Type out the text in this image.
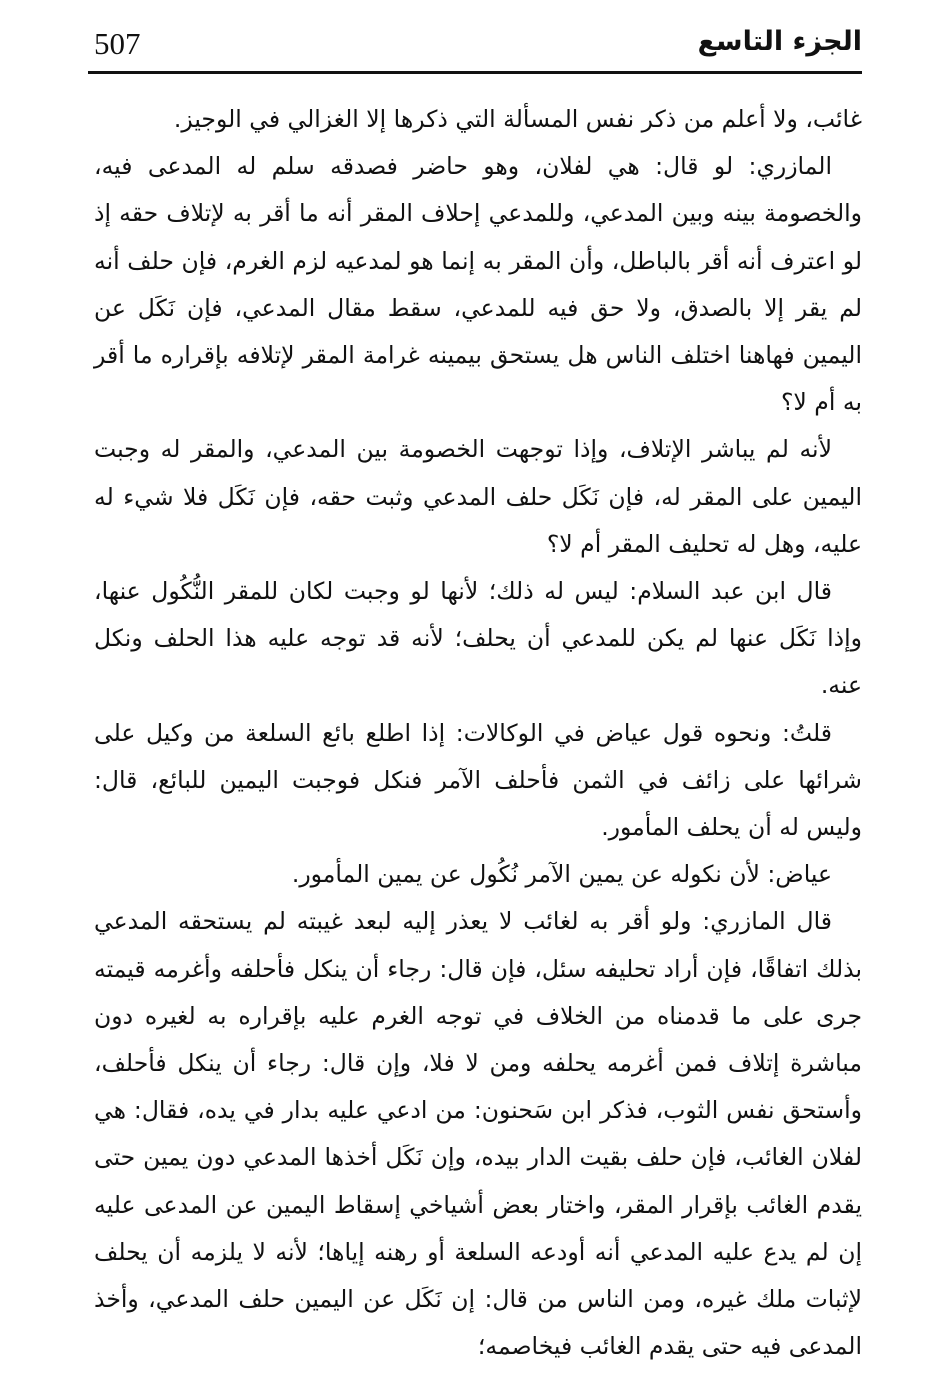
507	الجزء التاسع

غائب، ولا أعلم من ذكر نفس المسألة التي ذكرها إلا الغزالي في الوجيز.

المازري: لو قال: هي لفلان، وهو حاضر فصدقه سلم له المدعى فيه، والخصومة بينه وبين المدعي، وللمدعي إحلاف المقر أنه ما أقر به لإتلاف حقه إذ لو اعترف أنه أقر بالباطل، وأن المقر به إنما هو لمدعيه لزم الغرم، فإن حلف أنه لم يقر إلا بالصدق، ولا حق فيه للمدعي، سقط مقال المدعي، فإن نَكَل عن اليمين فهاهنا اختلف الناس هل يستحق بيمينه غرامة المقر لإتلافه بإقراره ما أقر به أم لا؟

لأنه لم يباشر الإتلاف، وإذا توجهت الخصومة بين المدعي، والمقر له وجبت اليمين على المقر له، فإن نَكَل حلف المدعي وثبت حقه، فإن نَكَل فلا شيء له عليه، وهل له تحليف المقر أم لا؟

قال ابن عبد السلام: ليس له ذلك؛ لأنها لو وجبت لكان للمقر النُّكُول عنها، وإذا نَكَل عنها لم يكن للمدعي أن يحلف؛ لأنه قد توجه عليه هذا الحلف ونكل عنه.

قلتُ: ونحوه قول عياض في الوكالات: إذا اطلع بائع السلعة من وكيل على شرائها على زائف في الثمن فأحلف الآمر فنكل فوجبت اليمين للبائع، قال: وليس له أن يحلف المأمور.

عياض: لأن نكوله عن يمين الآمر نُكُول عن يمين المأمور.

قال المازري: ولو أقر به لغائب لا يعذر إليه لبعد غيبته لم يستحقه المدعي بذلك اتفاقًا، فإن أراد تحليفه سئل، فإن قال: رجاء أن ينكل فأحلفه وأغرمه قيمته جرى على ما قدمناه من الخلاف في توجه الغرم عليه بإقراره به لغيره دون مباشرة إتلاف فمن أغرمه يحلفه ومن لا فلا، وإن قال: رجاء أن ينكل فأحلف، وأستحق نفس الثوب، فذكر ابن سَحنون: من ادعي عليه بدار في يده، فقال: هي لفلان الغائب، فإن حلف بقيت الدار بيده، وإن نَكَل أخذها المدعي دون يمين حتى يقدم الغائب بإقرار المقر، واختار بعض أشياخي إسقاط اليمين عن المدعى عليه إن لم يدع عليه المدعي أنه أودعه السلعة أو رهنه إياها؛ لأنه لا يلزمه أن يحلف لإثبات ملك غيره، ومن الناس من قال: إن نَكَل عن اليمين حلف المدعي، وأخذ المدعى فيه حتى يقدم الغائب فيخاصمه؛
